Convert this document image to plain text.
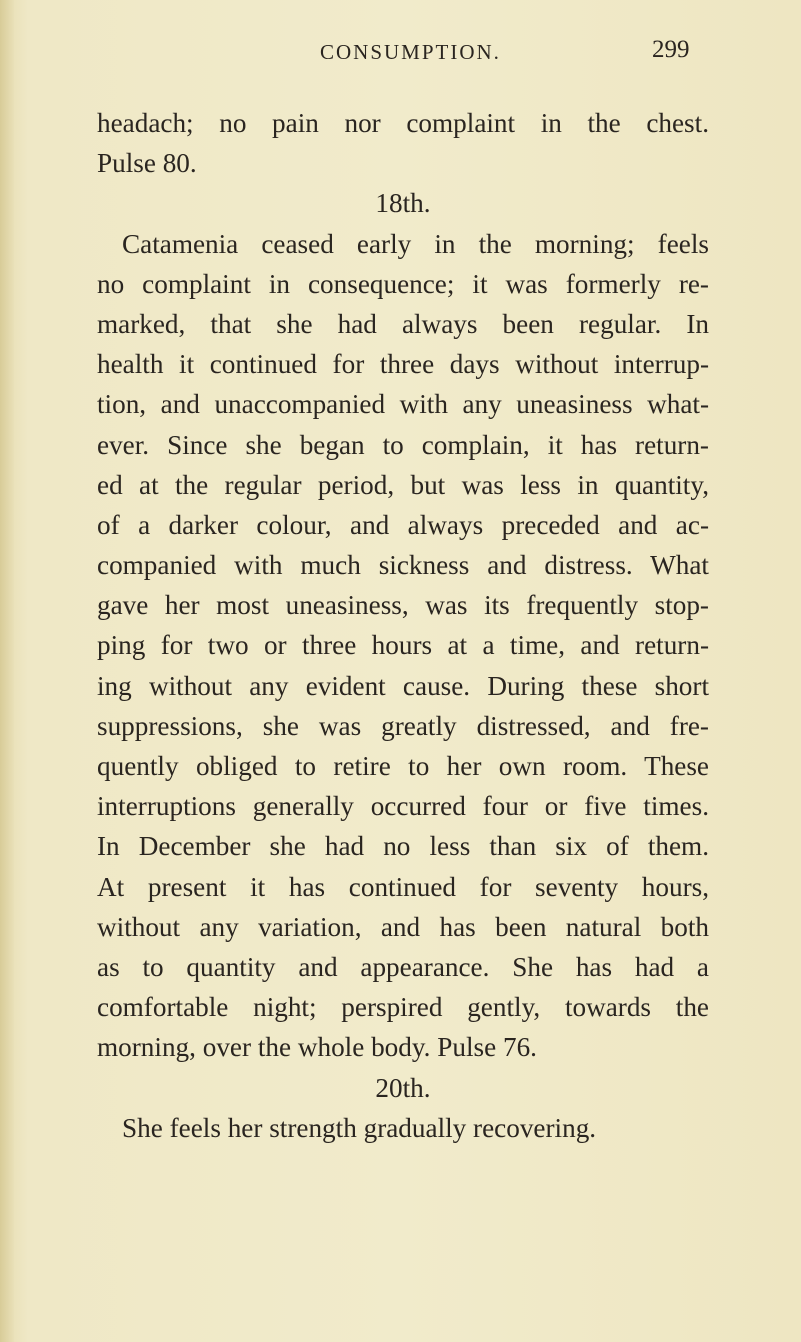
CONSUMPTION.	299
headach; no pain nor complaint in the chest.
Pulse 80.
18th.
Catamenia ceased early in the morning; feels
no complaint in consequence; it was formerly re-
marked, that she had always been regular. In
health it continued for three days without interrup-
tion, and unaccompanied with any uneasiness what-
ever. Since she began to complain, it has return-
ed at the regular period, but was less in quantity,
of a darker colour, and always preceded and ac-
companied with much sickness and distress. What
gave her most uneasiness, was its frequently stop-
ping for two or three hours at a time, and return-
ing without any evident cause. During these short
suppressions, she was greatly distressed, and fre-
quently obliged to retire to her own room. These
interruptions generally occurred four or five times.
In December she had no less than six of them.
At present it has continued for seventy hours,
without any variation, and has been natural both
as to quantity and appearance. She has had a
comfortable night; perspired gently, towards the
morning, over the whole body. Pulse 76.
20th.
She feels her strength gradually recovering.
